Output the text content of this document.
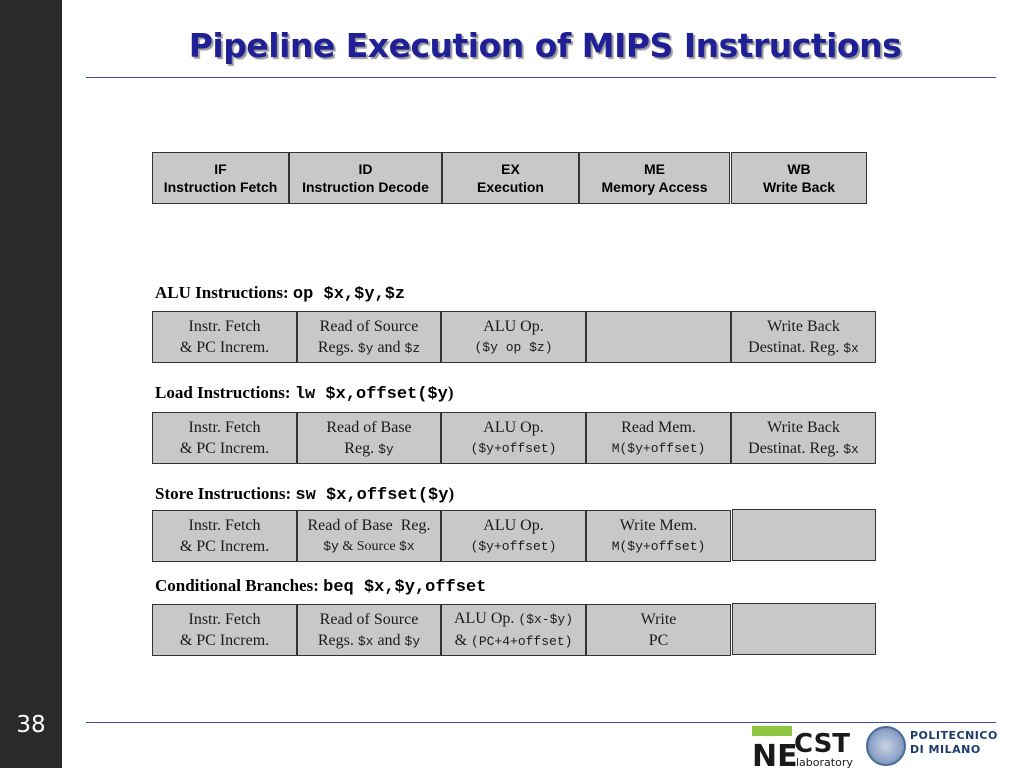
38
Pipeline Execution of MIPS Instructions
IF
Instruction Fetch
ID
Instruction Decode
EX
Execution
ME
Memory Access
WB
Write Back
ALU Instructions: op $x,$y,$z
Instr. Fetch
& PC Increm.
Read of Source
Regs. $y and $z
ALU Op.
($y op $z)
Write Back
Destinat. Reg. $x
Load Instructions: lw $x,offset($y)
Instr. Fetch
& PC Increm.
Read of Base
Reg. $y
ALU Op.
($y+offset)
Read Mem.
M($y+offset)
Write Back
Destinat. Reg. $x
Store Instructions: sw $x,offset($y)
Instr. Fetch
& PC Increm.
Read of Base  Reg.
$y & Source $x
ALU Op.
($y+offset)
Write Mem.
M($y+offset)
Conditional Branches: beq $x,$y,offset
Instr. Fetch
& PC Increm.
Read of Source
Regs. $x and $y
ALU Op. ($x-$y)
& (PC+4+offset)
Write
PC
NE
CST
laboratory
POLITECNICO
DI MILANO
